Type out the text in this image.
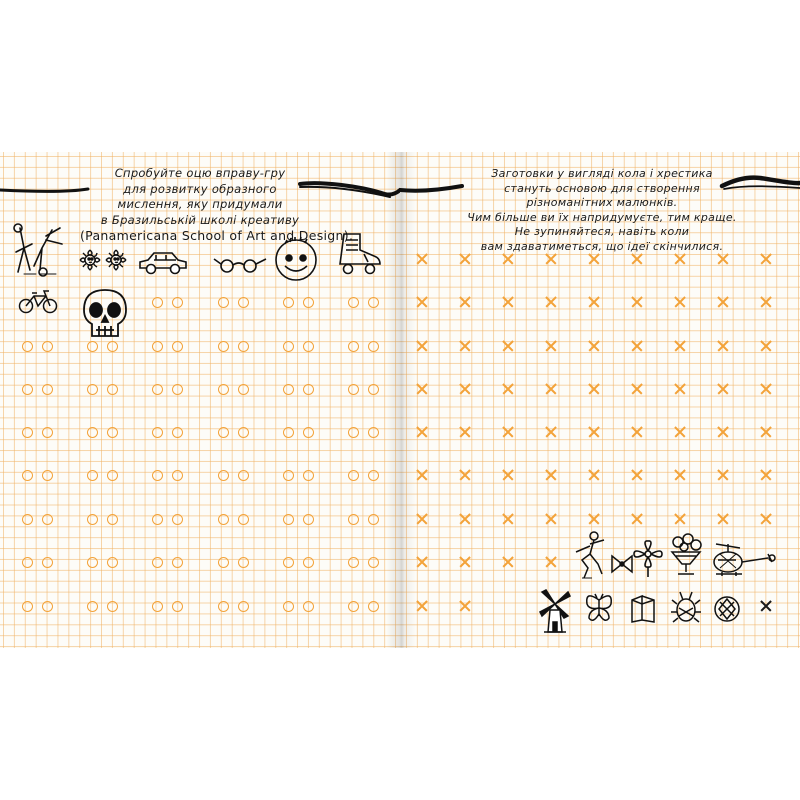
Спробуйте оцю вправу-гру
для розвитку образного
мислення, яку придумали
в Бразильській школі креативу
(Panamericana School of Art and Design).
Заготовки у вигляді кола і хрестика
стануть основою для створення
різноманітних малюнків.
Чим більше ви їх напридумуєте, тим краще.
Не зупиняйтеся, навіть коли
вам здаватиметься, що ідеї скінчилися.
